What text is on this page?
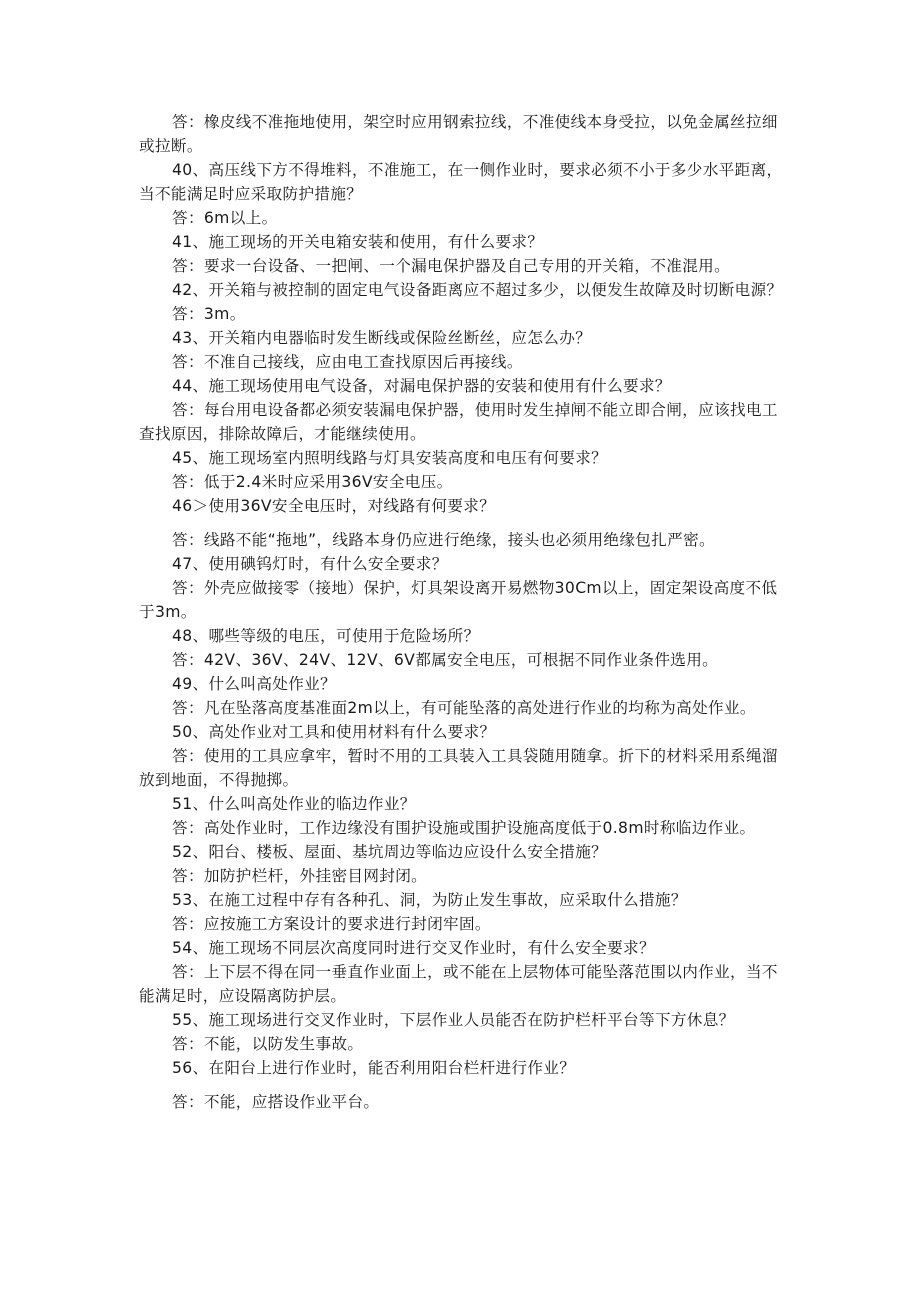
答：橡皮线不准拖地使用，架空时应用钢索拉线，不准使线本身受拉，以免金属丝拉细或拉断。

40、高压线下方不得堆料，不准施工，在一侧作业时，要求必须不小于多少水平距离，当不能满足时应采取防护措施？

答：6m以上。

41、施工现场的开关电箱安装和使用，有什么要求？

答：要求一台设备、一把闸、一个漏电保护器及自己专用的开关箱，不准混用。

42、开关箱与被控制的固定电气设备距离应不超过多少，以便发生故障及时切断电源？

答：3m。

43、开关箱内电器临时发生断线或保险丝断丝，应怎么办？

答：不准自己接线，应由电工查找原因后再接线。

44、施工现场使用电气设备，对漏电保护器的安装和使用有什么要求？

答：每台用电设备都必须安装漏电保护器，使用时发生掉闸不能立即合闸，应该找电工查找原因，排除故障后，才能继续使用。

45、施工现场室内照明线路与灯具安装高度和电压有何要求？

答：低于2.4米时应采用36V安全电压。

46＞使用36V安全电压时，对线路有何要求？

答：线路不能“拖地”，线路本身仍应进行绝缘，接头也必须用绝缘包扎严密。

47、使用碘钨灯时，有什么安全要求？

答：外壳应做接零（接地）保护，灯具架设离开易燃物30Cm以上，固定架设高度不低于3m。

48、哪些等级的电压，可使用于危险场所？

答：42V、36V、24V、12V、6V都属安全电压，可根据不同作业条件选用。

49、什么叫高处作业？

答：凡在坠落高度基准面2m以上，有可能坠落的高处进行作业的均称为高处作业。

50、高处作业对工具和使用材料有什么要求？

答：使用的工具应拿牢，暂时不用的工具装入工具袋随用随拿。折下的材料采用系绳溜放到地面，不得抛掷。

51、什么叫高处作业的临边作业？

答：高处作业时，工作边缘没有围护设施或围护设施高度低于0.8m时称临边作业。

52、阳台、楼板、屋面、基坑周边等临边应设什么安全措施？

答：加防护栏杆，外挂密目网封闭。

53、在施工过程中存有各种孔、洞，为防止发生事故，应采取什么措施？

答：应按施工方案设计的要求进行封闭牢固。

54、施工现场不同层次高度同时进行交叉作业时，有什么安全要求？

答：上下层不得在同一垂直作业面上，或不能在上层物体可能坠落范围以内作业，当不能满足时，应设隔离防护层。

55、施工现场进行交叉作业时，下层作业人员能否在防护栏杆平台等下方休息？

答：不能，以防发生事故。

56、在阳台上进行作业时，能否利用阳台栏杆进行作业？

答：不能，应搭设作业平台。
